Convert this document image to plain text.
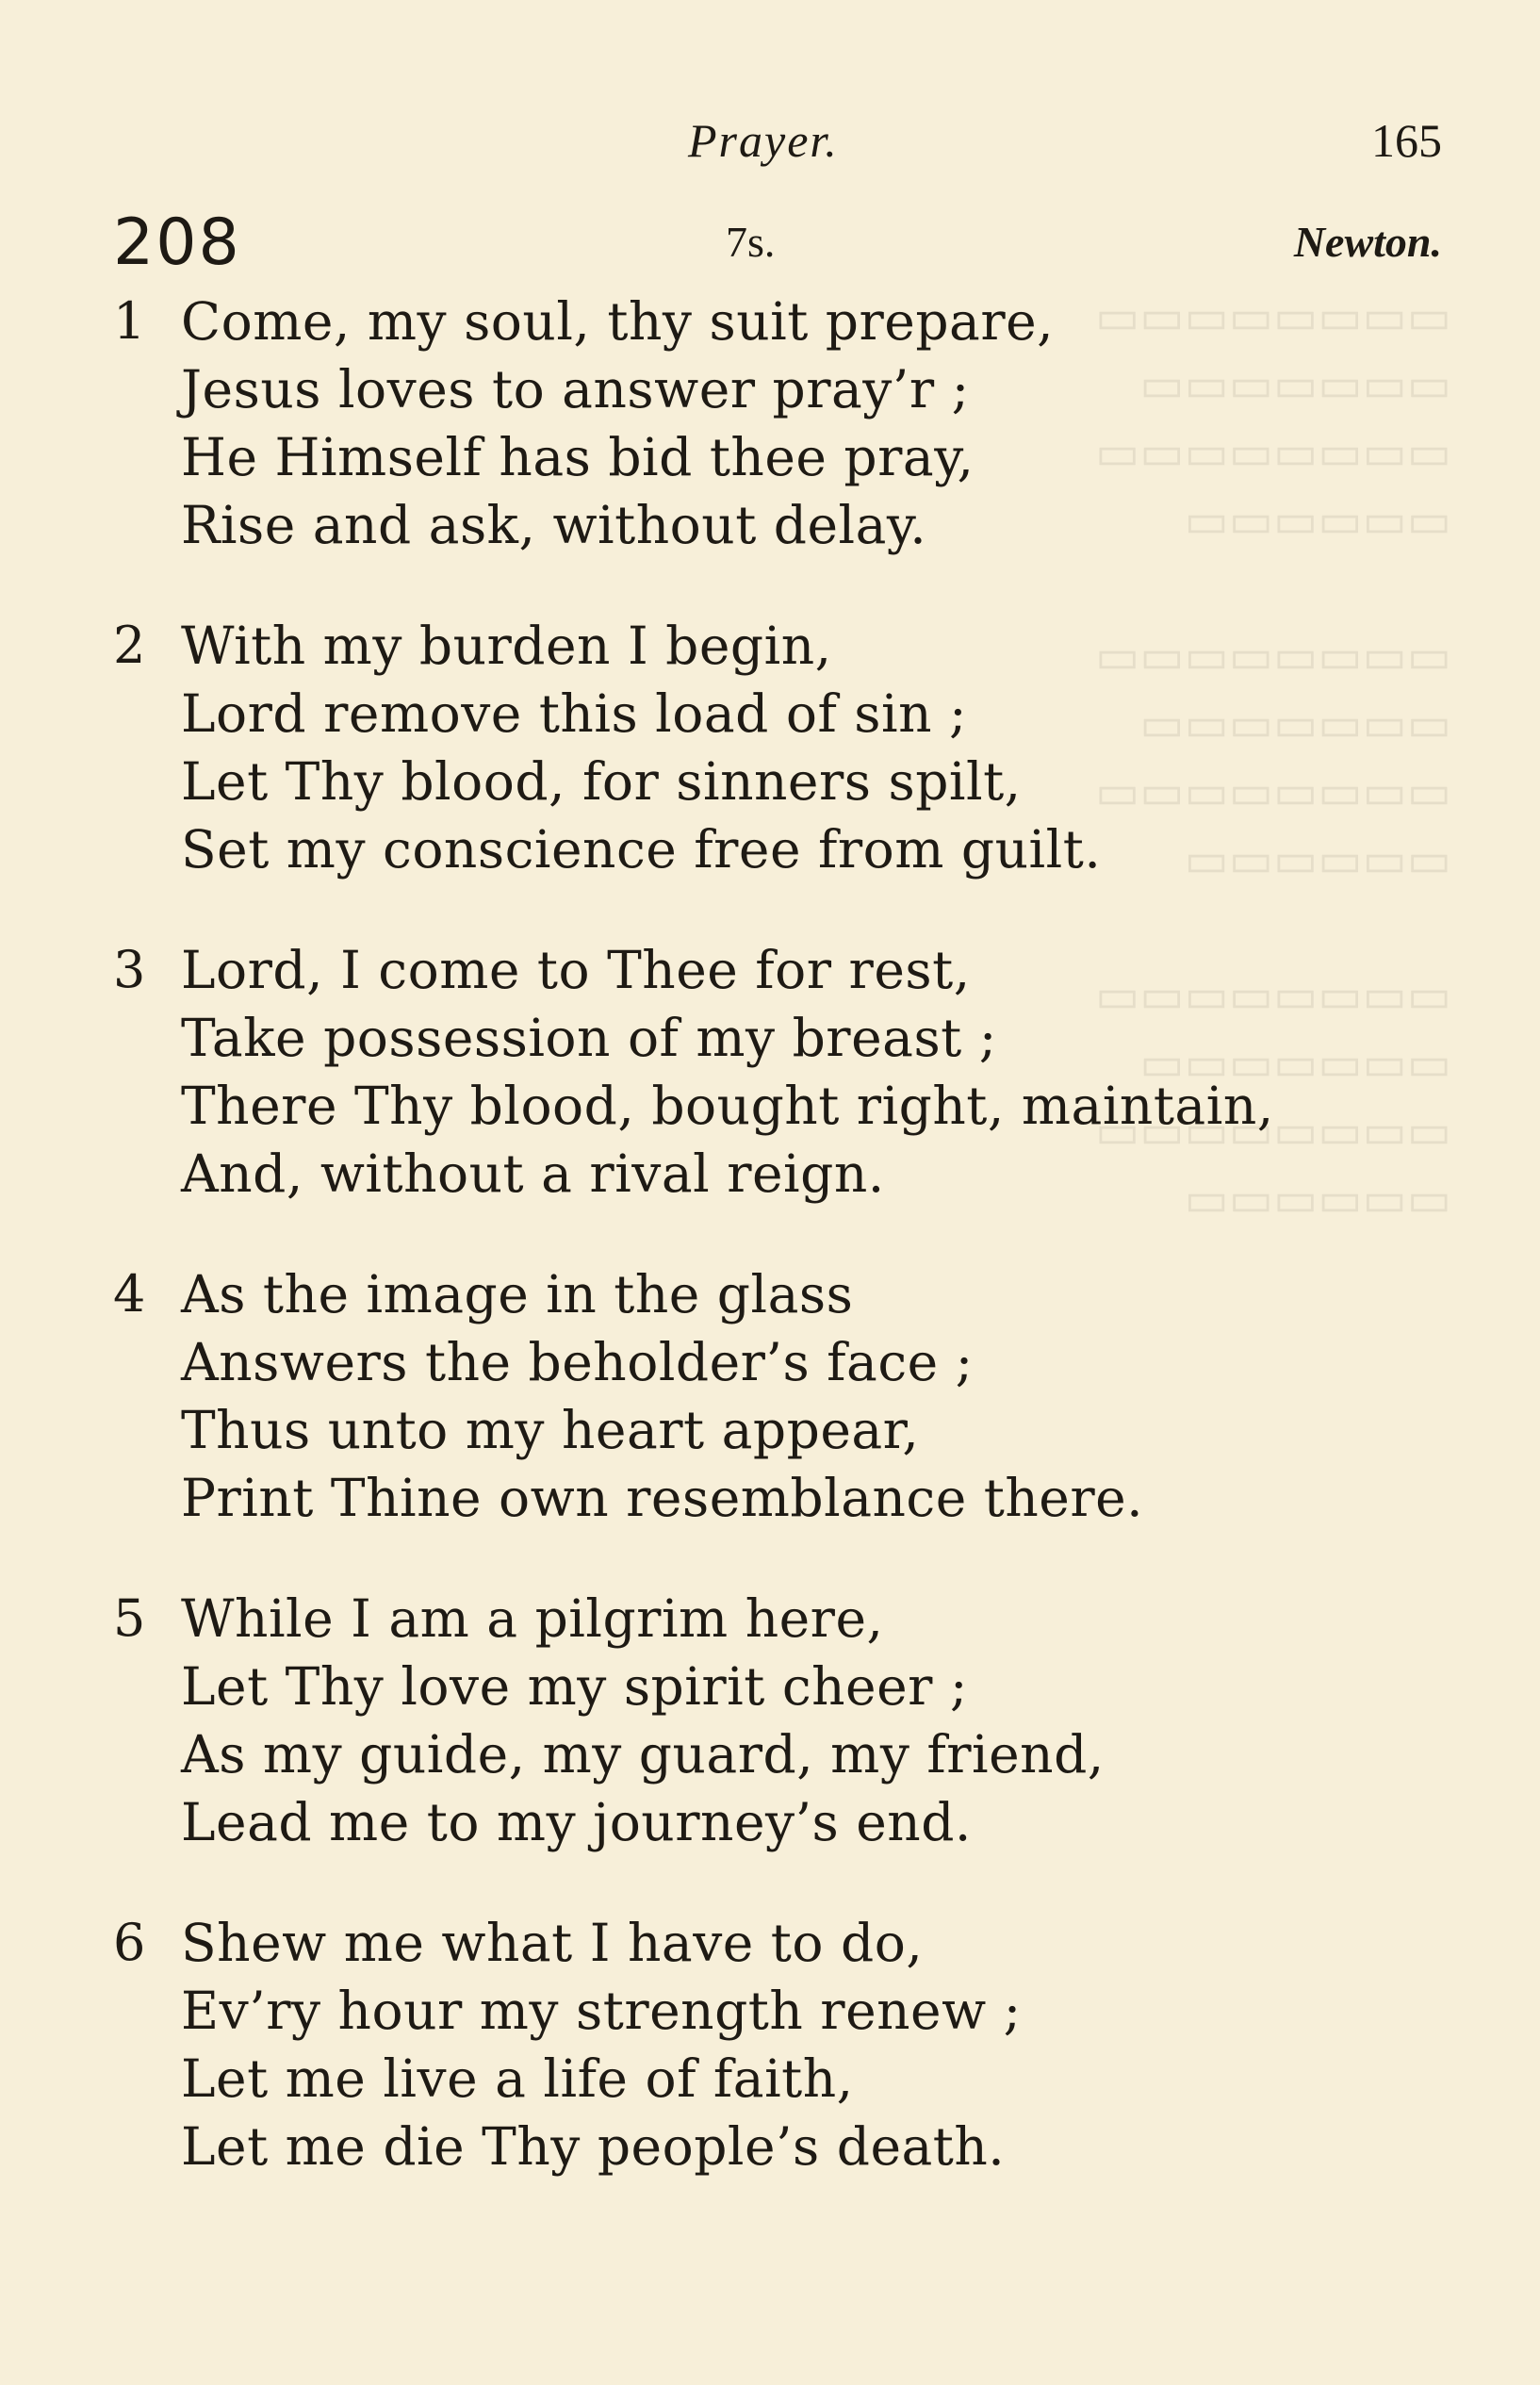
▭▭▭▭▭▭▭▭
▭▭▭▭▭▭▭
▭▭▭▭▭▭▭▭
▭▭▭▭▭▭

▭▭▭▭▭▭▭▭
▭▭▭▭▭▭▭
▭▭▭▭▭▭▭▭
▭▭▭▭▭▭

▭▭▭▭▭▭▭▭
▭▭▭▭▭▭▭
▭▭▭▭▭▭▭▭
▭▭▭▭▭▭
Prayer.	165
208	7s.	Newton.
1 Come, my soul, thy suit prepare,
Jesus loves to answer pray’r ;
He Himself has bid thee pray,
Rise and ask, without delay.
2 With my burden I begin,
Lord remove this load of sin ;
Let Thy blood, for sinners spilt,
Set my conscience free from guilt.
3 Lord, I come to Thee for rest,
Take possession of my breast ;
There Thy blood, bought right, maintain,
And, without a rival reign.
4 As the image in the glass
Answers the beholder’s face ;
Thus unto my heart appear,
Print Thine own resemblance there.
5 While I am a pilgrim here,
Let Thy love my spirit cheer ;
As my guide, my guard, my friend,
Lead me to my journey’s end.
6 Shew me what I have to do,
Ev’ry hour my strength renew ;
Let me live a life of faith,
Let me die Thy people’s death.
